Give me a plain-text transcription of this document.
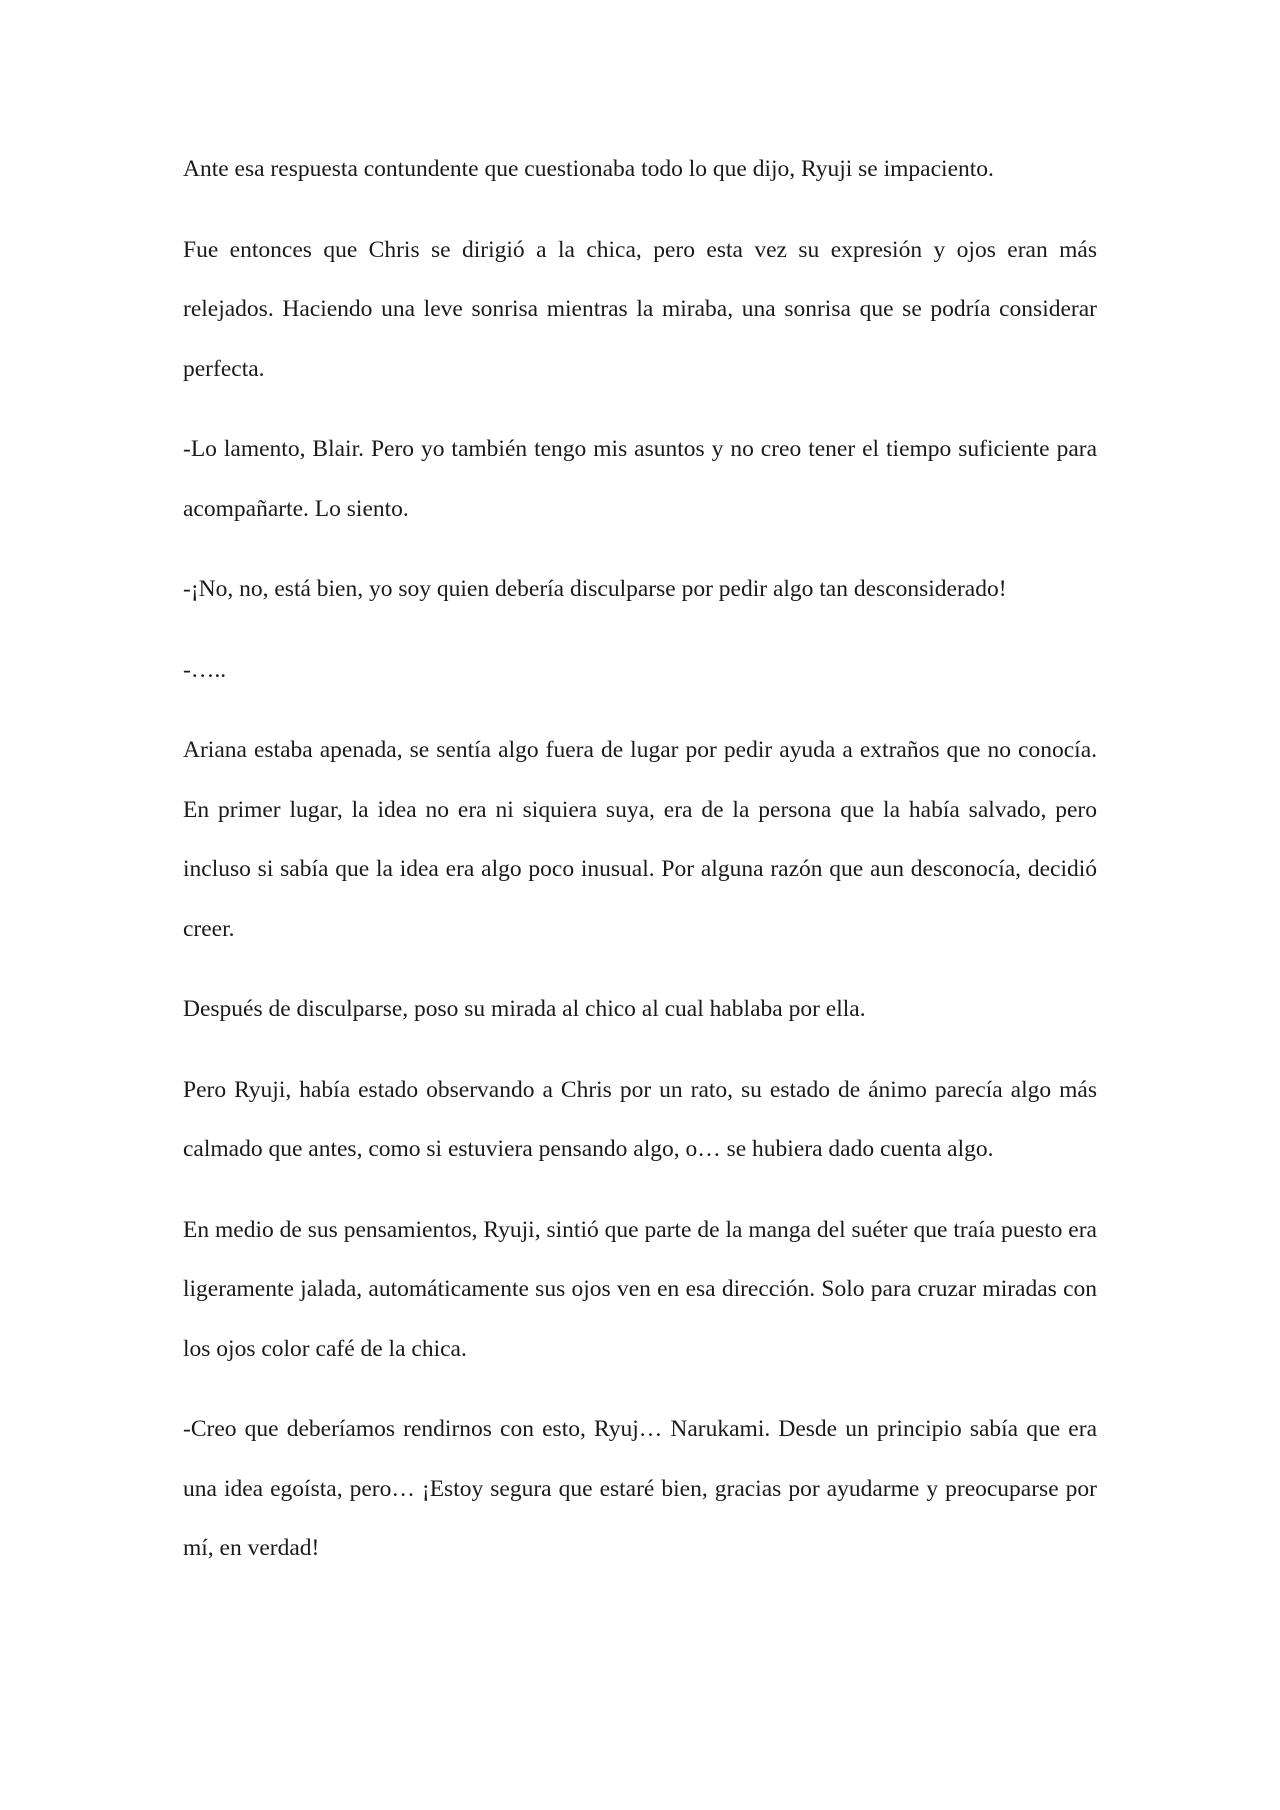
Ante esa respuesta contundente que cuestionaba todo lo que dijo, Ryuji se impaciento.

Fue entonces que Chris se dirigió a la chica, pero esta vez su expresión y ojos eran más relejados. Haciendo una leve sonrisa mientras la miraba, una sonrisa que se podría considerar perfecta.

-Lo lamento, Blair. Pero yo también tengo mis asuntos y no creo tener el tiempo suficiente para acompañarte. Lo siento.

-¡No, no, está bien, yo soy quien debería disculparse por pedir algo tan desconsiderado!

-…..

Ariana estaba apenada, se sentía algo fuera de lugar por pedir ayuda a extraños que no conocía. En primer lugar, la idea no era ni siquiera suya, era de la persona que la había salvado, pero incluso si sabía que la idea era algo poco inusual. Por alguna razón que aun desconocía, decidió creer.

Después de disculparse, poso su mirada al chico al cual hablaba por ella.

Pero Ryuji, había estado observando a Chris por un rato, su estado de ánimo parecía algo más calmado que antes, como si estuviera pensando algo, o… se hubiera dado cuenta algo.

En medio de sus pensamientos, Ryuji, sintió que parte de la manga del suéter que traía puesto era ligeramente jalada, automáticamente sus ojos ven en esa dirección. Solo para cruzar miradas con los ojos color café de la chica.

-Creo que deberíamos rendirnos con esto, Ryuj… Narukami. Desde un principio sabía que era una idea egoísta, pero… ¡Estoy segura que estaré bien, gracias por ayudarme y preocuparse por mí, en verdad!
